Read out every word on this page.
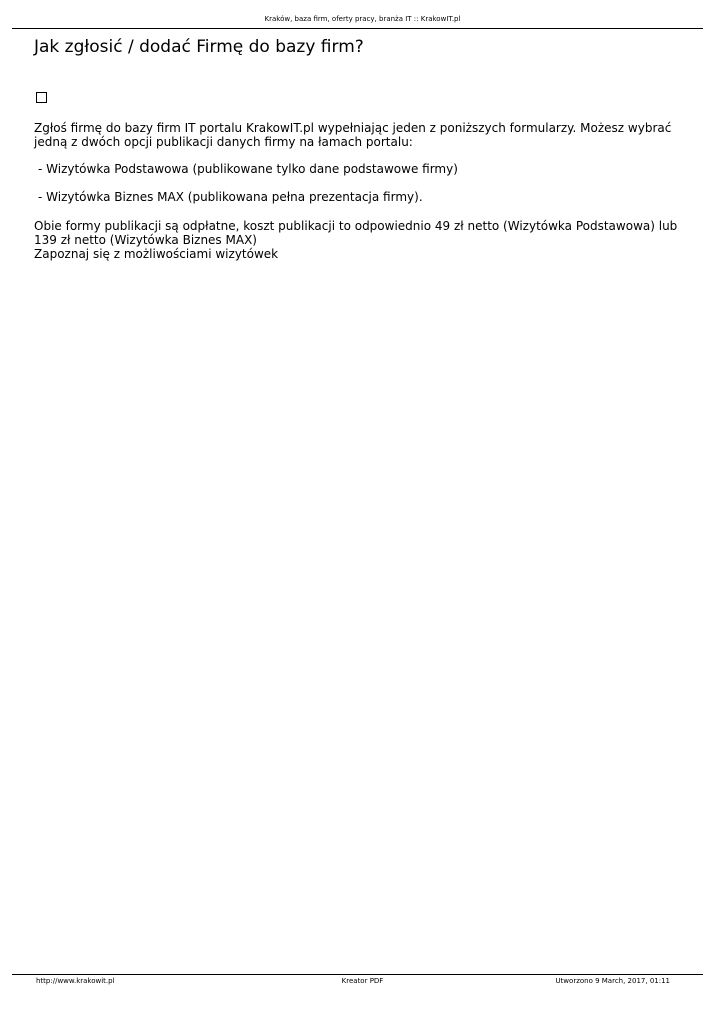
Kraków, baza firm, oferty pracy, branża IT :: KrakowIT.pl
Jak zgłosić / dodać Firmę do bazy firm?

Zgłoś firmę do bazy firm IT portalu KrakowIT.pl wypełniając jeden z poniższych formularzy. Możesz wybrać jedną z dwóch opcji publikacji danych firmy na łamach portalu:

- Wizytówka Podstawowa (publikowane tylko dane podstawowe firmy)

- Wizytówka Biznes MAX (publikowana pełna prezentacja firmy).

Obie formy publikacji są odpłatne, koszt publikacji to odpowiednio 49 zł netto (Wizytówka Podstawowa) lub 139 zł netto (Wizytówka Biznes MAX)

Zapoznaj się z możliwościami wizytówek

http://www.krakowit.pl	Kreator PDF	Utworzono 9 March, 2017, 01:11
